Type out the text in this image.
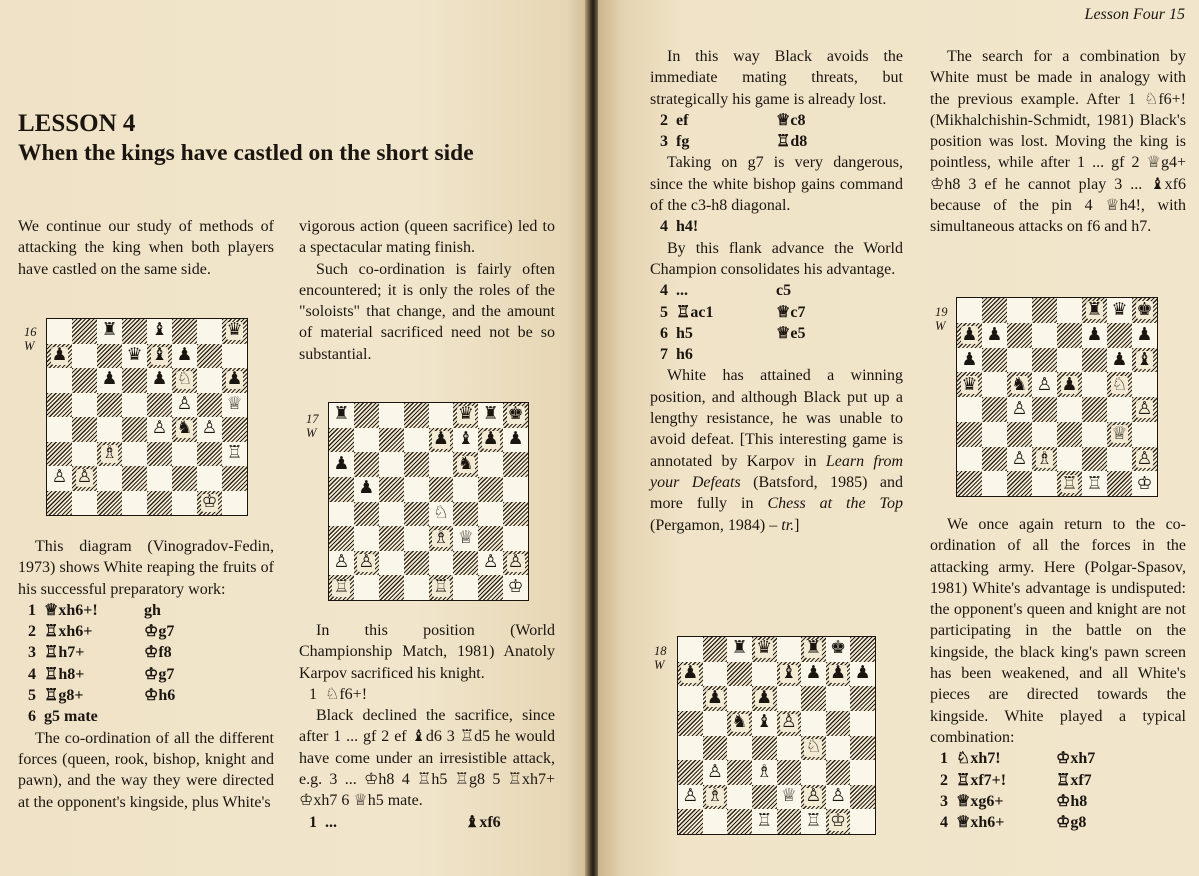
LESSON 4
When the kings have castled on the short side

We continue our study of methods of attacking the king when both players have castled on the same side.

16
W
♜ ♝	♛
♟	♛ ♝ ♟
♟ ♟ ♘ ♟
♙ ♕
♙ ♞ ♙
♗	♖
♙ ♙
♔

This diagram (Vinogradov-Fedin, 1973) shows White reaping the fruits of his successful preparatory work:

1 ♕xh6+!	gh
2 ♖xh6+	♔g7
3 ♖h7+	♔f8
4 ♖h8+	♔g7
5 ♖g8+	♔h6
6 g5 mate

The co-ordination of all the different forces (queen, rook, bishop, knight and pawn), and the way they were directed at the opponent's kingside, plus White's

vigorous action (queen sacrifice) led to a spectacular mating finish.

Such co-ordination is fairly often encountered; it is only the roles of the "soloists" that change, and the amount of material sacrificed need not be so substantial.

17
W
♜	♛ ♜ ♚
♟ ♝ ♟ ♟
♟	♞
♟
♘
♗ ♕
♙ ♙	♙ ♙
♖	♖	♔

In this position (World Championship Match, 1981) Anatoly Karpov sacrificed his knight.

1 ♘f6+!

Black declined the sacrifice, since after 1 ... gf 2 ef ♝d6 3 ♖d5 he would have come under an irresistible attack, e.g. 3 ... ♔h8 4 ♖h5 ♖g8 5 ♖xh7+ ♔xh7 6 ♕h5 mate.

1 ...	♝xf6
Lesson Four 15

In this way Black avoids the immediate mating threats, but strategically his game is already lost.

2 ef	♕c8
3 fg	♖d8

Taking on g7 is very dangerous, since the white bishop gains command of the c3-h8 diagonal.

4 h4!

By this flank advance the World Champion consolidates his advantage.

4 ...	c5
5 ♖ac1	♕c7
6 h5	♕e5
7 h6

White has attained a winning position, and although Black put up a lengthy resistance, he was unable to avoid defeat. [This interesting game is annotated by Karpov in Learn from your Defeats (Batsford, 1985) and more fully in Chess at the Top (Pergamon, 1984) – tr.]

18
W
♜ ♛ ♜ ♚
♟	♝ ♟ ♟ ♟
♟ ♟
♞ ♝ ♙
♘
♙ ♗
♙ ♗	♕ ♙ ♙
♖ ♖ ♔

The search for a combination by White must be made in analogy with the previous example. After 1 ♘f6+! (Mikhalchishin-Schmidt, 1981) Black's position was lost. Moving the king is pointless, while after 1 ... gf 2 ♕g4+ ♔h8 3 ef he cannot play 3 ... ♝xf6 because of the pin 4 ♕h4!, with simultaneous attacks on f6 and h7.

19
W
♜ ♛ ♚
♟ ♟	♟ ♟
♟	♟ ♝
♛ ♞ ♙ ♟ ♘
♙	♙
♕
♙ ♗	♙
♖ ♖ ♔

We once again return to the co-ordination of all the forces in the attacking army. Here (Polgar-Spasov, 1981) White's advantage is undisputed: the opponent's queen and knight are not participating in the battle on the kingside, the black king's pawn screen has been weakened, and all White's pieces are directed towards the kingside. White played a typical combination:

1 ♘xh7!	♔xh7
2 ♖xf7+!	♖xf7
3 ♕xg6+	♔h8
4 ♕xh6+	♔g8
